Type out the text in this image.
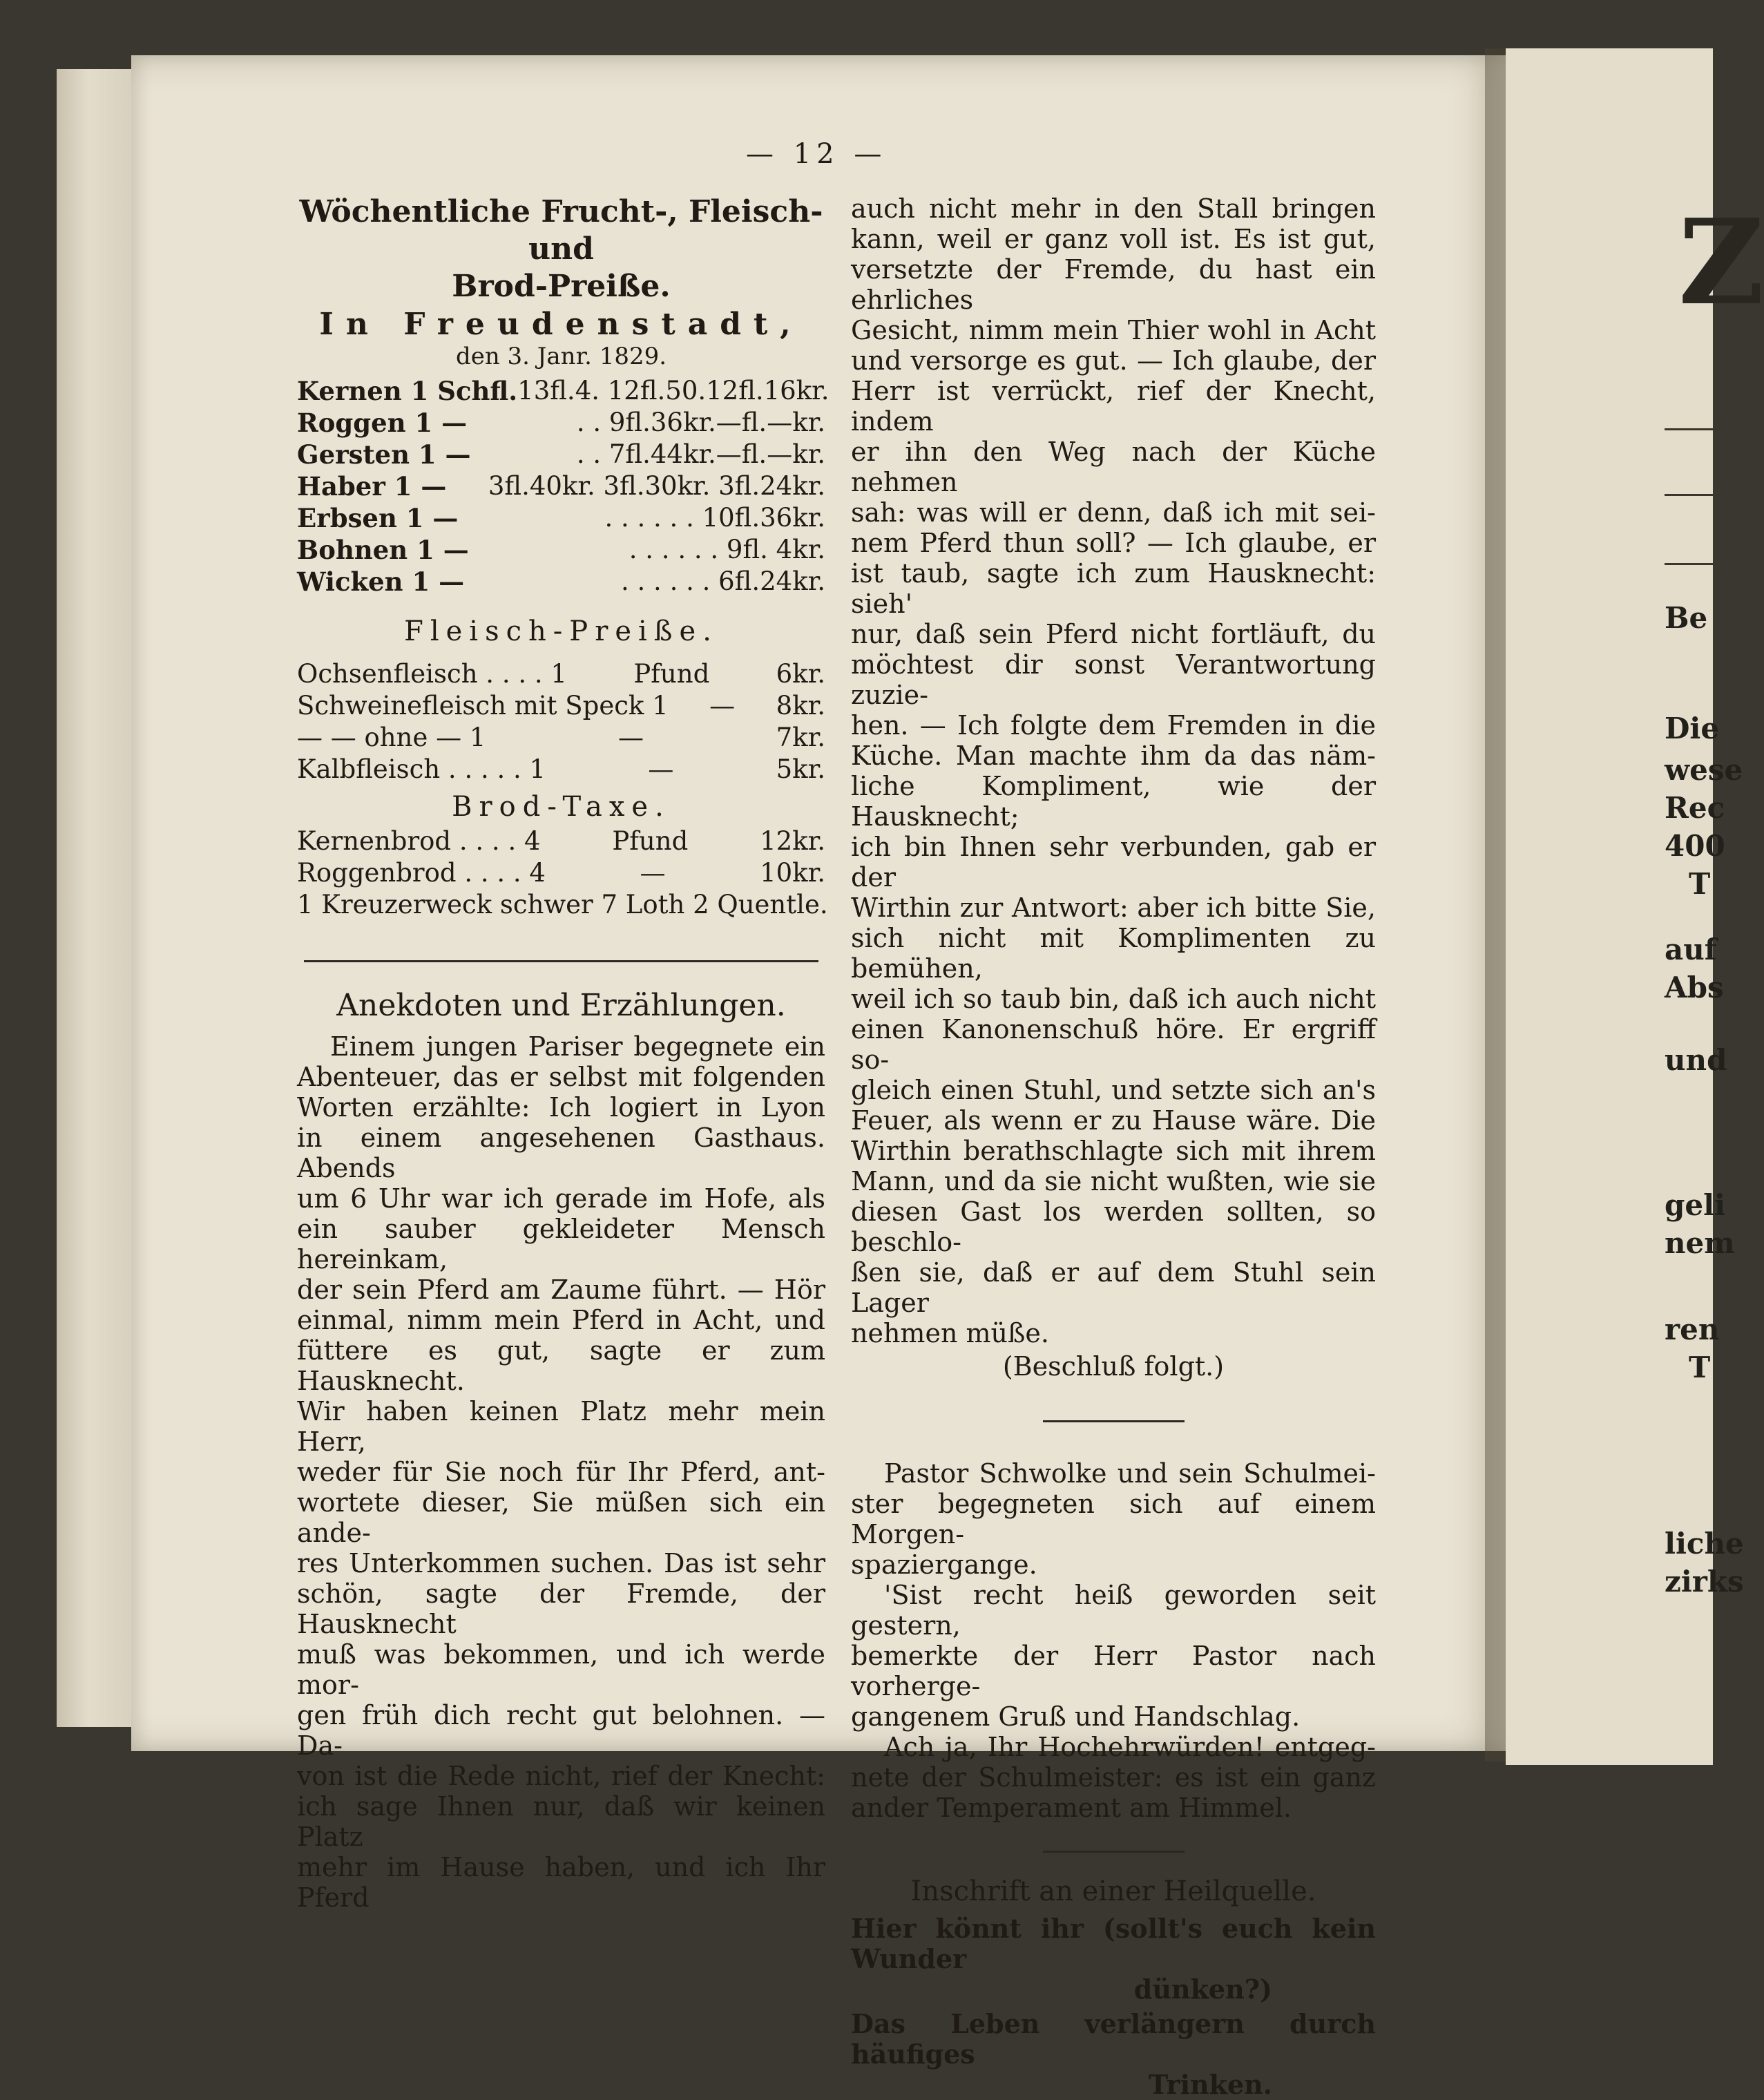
Z
Be
Die
wese
Rec
400
T
auf
Abs
und
geli
nem
ren
T
liche
zirks
— 12 —
Wöchentliche Frucht-, Fleisch- und
Brod-Preiße.
In Freudenstadt,
den 3. Janr. 1829.
Kernen 1 Schfl. 13fl.4. 12fl.50.12fl.16kr.
Roggen 1 —	. . 9fl.36kr.—fl.—kr.
Gersten 1 —	. . 7fl.44kr.—fl.—kr.
Haber 1 — 3fl.40kr. 3fl.30kr. 3fl.24kr.
Erbsen 1 —	. . . . . . 10fl.36kr.
Bohnen 1 —	. . . . . . 9fl. 4kr.
Wicken 1 —	. . . . . . 6fl.24kr.
Fleisch-Preiße.
Ochsenfleisch . . . . 1	Pfund	6kr.
Schweinefleisch mit Speck 1 — 8kr.
— — ohne — 1	—	7kr.
Kalbfleisch . . . . . 1	—	5kr.
Brod-Taxe.
Kernenbrod . . . . 4	Pfund	12kr.
Roggenbrod . . . . 4	—	10kr.
1 Kreuzerweck schwer 7 Loth 2 Quentle.
Anekdoten und Erzählungen.

Einem jungen Pariser begegnete ein

Abenteuer, das er selbst mit folgenden

Worten erzählte: Ich logiert in Lyon

in einem angesehenen Gasthaus. Abends

um 6 Uhr war ich gerade im Hofe, als

ein sauber gekleideter Mensch hereinkam,

der sein Pferd am Zaume führt. — Hör

einmal, nimm mein Pferd in Acht, und

füttere es gut, sagte er zum Hausknecht.

Wir haben keinen Platz mehr mein Herr,

weder für Sie noch für Ihr Pferd, ant-

wortete dieser, Sie müßen sich ein ande-

res Unterkommen suchen. Das ist sehr

schön, sagte der Fremde, der Hausknecht

muß was bekommen, und ich werde mor-

gen früh dich recht gut belohnen. — Da-

von ist die Rede nicht, rief der Knecht:

ich sage Ihnen nur, daß wir keinen Platz

mehr im Hause haben, und ich Ihr Pferd

auch nicht mehr in den Stall bringen

kann, weil er ganz voll ist. Es ist gut,

versetzte der Fremde, du hast ein ehrliches

Gesicht, nimm mein Thier wohl in Acht

und versorge es gut. — Ich glaube, der

Herr ist verrückt, rief der Knecht, indem

er ihn den Weg nach der Küche nehmen

sah: was will er denn, daß ich mit sei-

nem Pferd thun soll? — Ich glaube, er

ist taub, sagte ich zum Hausknecht: sieh'

nur, daß sein Pferd nicht fortläuft, du

möchtest dir sonst Verantwortung zuzie-

hen. — Ich folgte dem Fremden in die

Küche. Man machte ihm da das näm-

liche Kompliment, wie der Hausknecht;

ich bin Ihnen sehr verbunden, gab er der

Wirthin zur Antwort: aber ich bitte Sie,

sich nicht mit Komplimenten zu bemühen,

weil ich so taub bin, daß ich auch nicht

einen Kanonenschuß höre. Er ergriff so-

gleich einen Stuhl, und setzte sich an's

Feuer, als wenn er zu Hause wäre. Die

Wirthin berathschlagte sich mit ihrem

Mann, und da sie nicht wußten, wie sie

diesen Gast los werden sollten, so beschlo-

ßen sie, daß er auf dem Stuhl sein Lager

nehmen müße.

(Beschluß folgt.)

Pastor Schwolke und sein Schulmei-

ster begegneten sich auf einem Morgen-

spaziergange.

'Sist recht heiß geworden seit gestern,

bemerkte der Herr Pastor nach vorherge-

gangenem Gruß und Handschlag.

Ach ja, Ihr Hochehrwürden! entgeg-

nete der Schulmeister: es ist ein ganz

ander Temperament am Himmel.

Inschrift an einer Heilquelle.

Hier könnt ihr (sollt's euch kein Wunder

dünken?)

Das Leben verlängern durch häufiges

Trinken.
